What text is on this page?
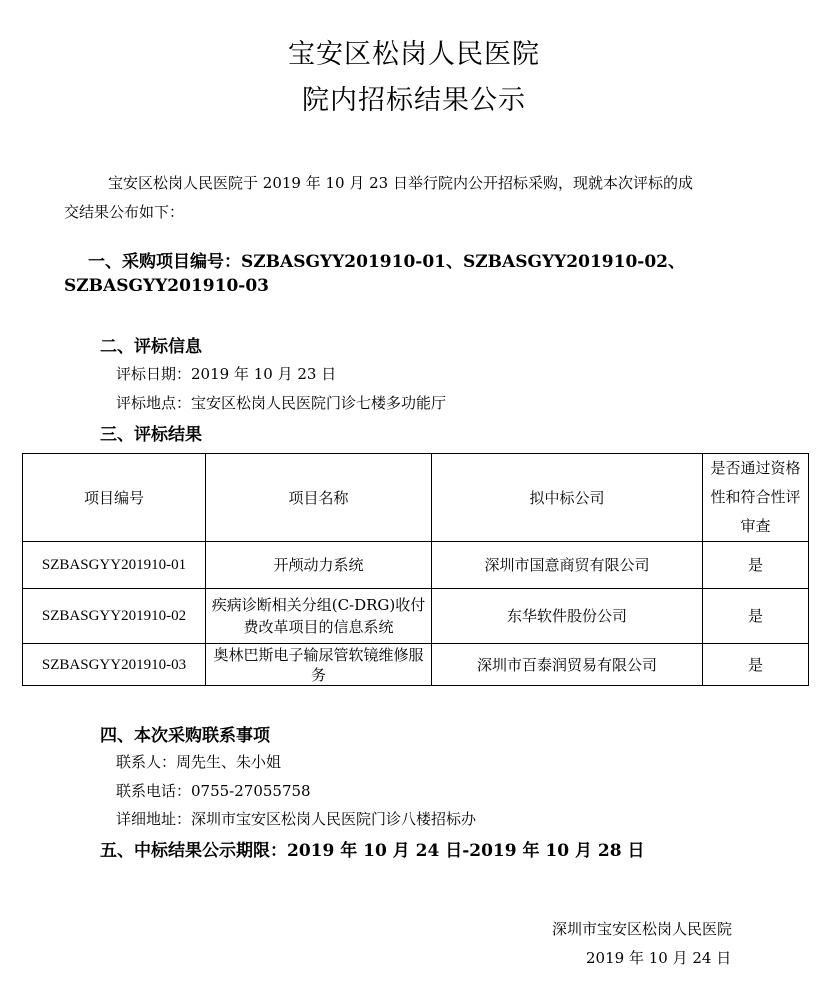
宝安区松岗人民医院
院内招标结果公示
宝安区松岗人民医院于 2019 年 10 月 23 日举行院内公开招标采购，现就本次评标的成
交结果公布如下：
一、采购项目编号：SZBASGYY201910-01、SZBASGYY201910-02、
SZBASGYY201910-03
二、评标信息
评标日期：2019 年 10 月 23 日
评标地点：宝安区松岗人民医院门诊七楼多功能厅
三、评标结果
项目编号	项目名称	拟中标公司	是否通过资格性和符合性评审查
SZBASGYY201910-01	开颅动力系统	深圳市国意商贸有限公司	是
SZBASGYY201910-02	疾病诊断相关分组(C-DRG)收付费改革项目的信息系统	东华软件股份公司	是
SZBASGYY201910-03	奥林巴斯电子输尿管软镜维修服务	深圳市百泰润贸易有限公司	是
四、本次采购联系事项
联系人：周先生、朱小姐
联系电话：0755-27055758
详细地址：深圳市宝安区松岗人民医院门诊八楼招标办
五、中标结果公示期限：2019 年 10 月 24 日-2019 年 10 月 28 日
深圳市宝安区松岗人民医院
2019 年 10 月 24 日
